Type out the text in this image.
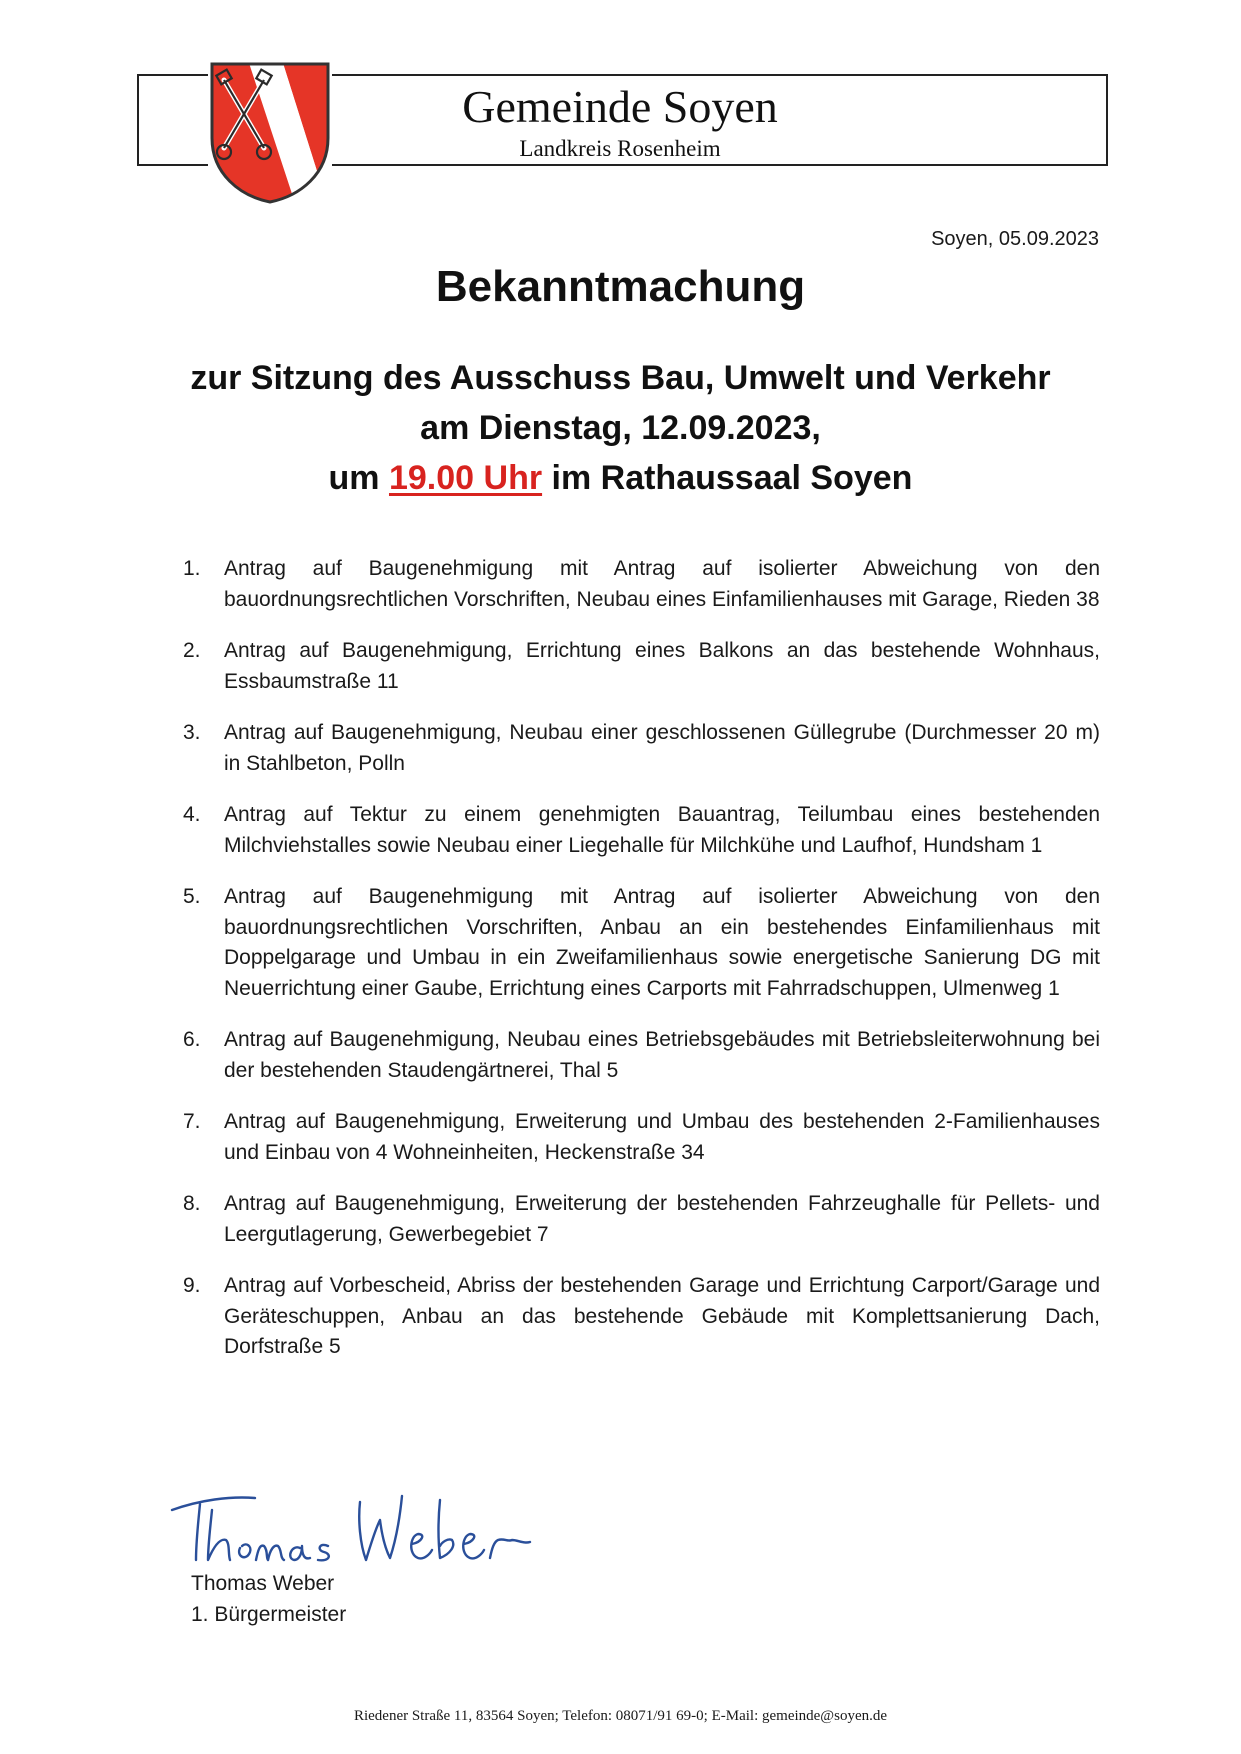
Gemeinde Soyen
Landkreis Rosenheim
Soyen, 05.09.2023
Bekanntmachung
zur Sitzung des Ausschuss Bau, Umwelt und Verkehr
am Dienstag, 12.09.2023,
um 19.00 Uhr im Rathaussaal Soyen
1. Antrag auf Baugenehmigung mit Antrag auf isolierter Abweichung von den bauordnungsrechtlichen Vorschriften, Neubau eines Einfamilienhauses mit Garage, Rieden 38
2. Antrag auf Baugenehmigung, Errichtung eines Balkons an das bestehende Wohnhaus, Essbaumstraße 11
3. Antrag auf Baugenehmigung, Neubau einer geschlossenen Güllegrube (Durchmesser 20 m) in Stahlbeton, Polln
4. Antrag auf Tektur zu einem genehmigten Bauantrag, Teilumbau eines bestehenden Milchviehstalles sowie Neubau einer Liegehalle für Milchkühe und Laufhof, Hundsham 1
5. Antrag auf Baugenehmigung mit Antrag auf isolierter Abweichung von den bauordnungsrechtlichen Vorschriften, Anbau an ein bestehendes Einfamilienhaus mit Doppelgarage und Umbau in ein Zweifamilienhaus sowie energetische Sanierung DG mit Neuerrichtung einer Gaube, Errichtung eines Carports mit Fahrradschuppen, Ulmenweg 1
6. Antrag auf Baugenehmigung, Neubau eines Betriebsgebäudes mit Betriebsleiterwohnung bei der bestehenden Staudengärtnerei, Thal 5
7. Antrag auf Baugenehmigung, Erweiterung und Umbau des bestehenden 2-Familienhauses und Einbau von 4 Wohneinheiten, Heckenstraße 34
8. Antrag auf Baugenehmigung, Erweiterung der bestehenden Fahrzeughalle für Pellets- und Leergutlagerung, Gewerbegebiet 7
9. Antrag auf Vorbescheid, Abriss der bestehenden Garage und Errichtung Carport/Garage und Geräteschuppen, Anbau an das bestehende Gebäude mit Komplettsanierung Dach, Dorfstraße 5
Thomas Weber
1. Bürgermeister
Riedener Straße 11, 83564 Soyen; Telefon: 08071/91 69-0; E-Mail: gemeinde@soyen.de
